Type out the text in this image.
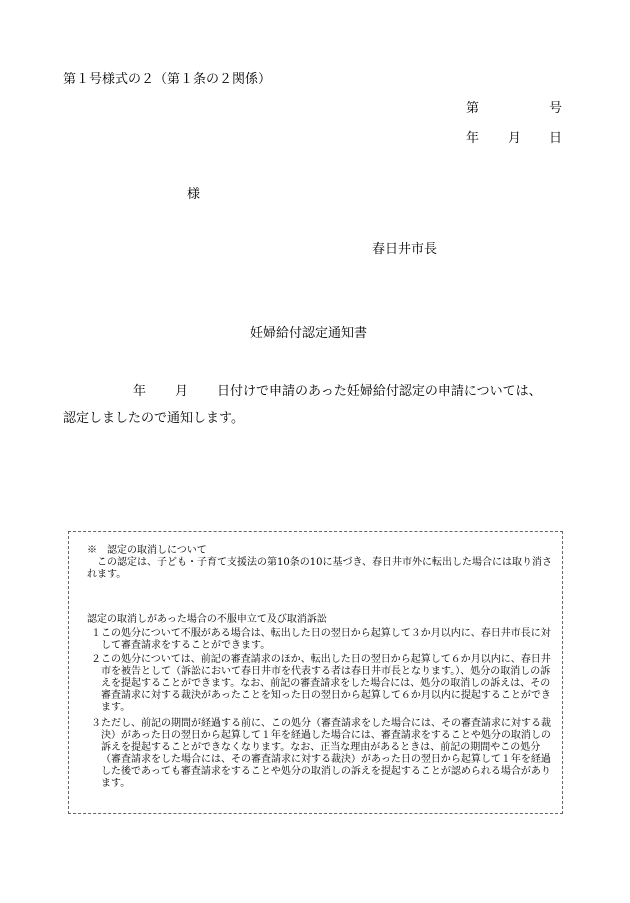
第１号様式の２（第１条の２関係）
第	号
年 月 日
様
春日井市長
妊婦給付認定通知書
年 月 日付けで申請のあった妊婦給付認定の申請については、
認定しましたので通知します。

※　認定の取消しについて

この認定は、子ども・子育て支援法の第10条の10に基づき、春日井市外に転出した場合には取り消されます。

認定の取消しがあった場合の不服申立て及び取消訴訟

１ この処分について不服がある場合は、転出した日の翌日から起算して３か月以内に、春日井市長に対して審査請求をすることができます。
２ この処分については、前記の審査請求のほか、転出した日の翌日から起算して６か月以内に、春日井市を被告として（訴訟において春日井市を代表する者は春日井市長となります。）、処分の取消しの訴えを提起することができます。なお、前記の審査請求をした場合には、処分の取消しの訴えは、その審査請求に対する裁決があったことを知った日の翌日から起算して６か月以内に提起することができます。
３ ただし、前記の期間が経過する前に、この処分（審査請求をした場合には、その審査請求に対する裁決）があった日の翌日から起算して１年を経過した場合には、審査請求をすることや処分の取消しの訴えを提起することができなくなります。なお、正当な理由があるときは、前記の期間やこの処分（審査請求をした場合には、その審査請求に対する裁決）があった日の翌日から起算して１年を経過した後であっても審査請求をすることや処分の取消しの訴えを提起することが認められる場合があります。
